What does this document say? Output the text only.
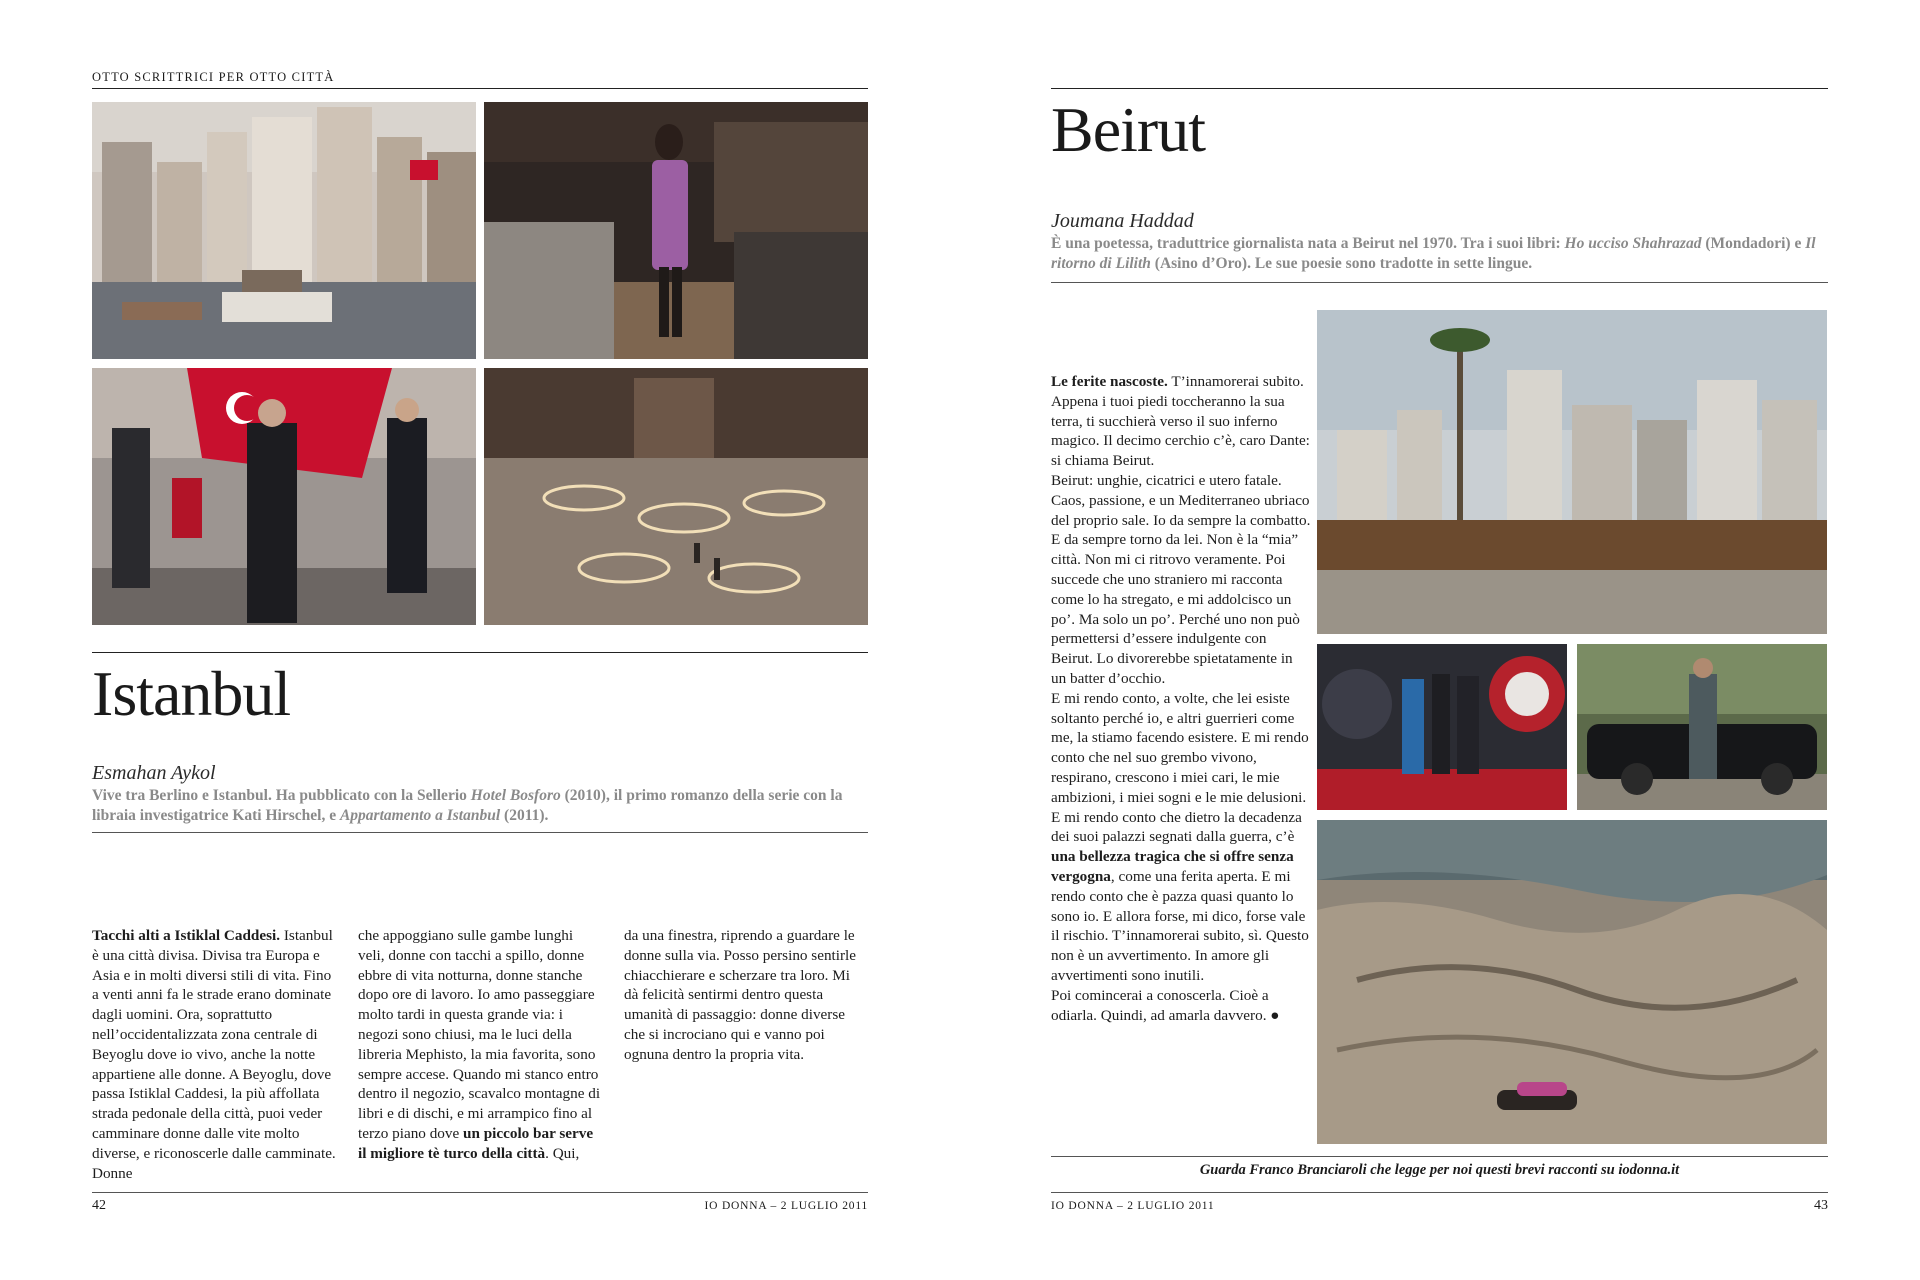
OTTO SCRITTRICI PER OTTO CITTÀ
Istanbul
Esmahan Aykol
Vive tra Berlino e Istanbul. Ha pubblicato con la Sellerio Hotel Bosforo (2010), il primo romanzo della serie con la libraia investigatrice Kati Hirschel, e Appartamento a Istanbul (2011).
Tacchi alti a Istiklal Caddesi. Istanbul è una città divisa. Divisa tra Europa e Asia e in molti diversi stili di vita. Fino a venti anni fa le strade erano dominate dagli uomini. Ora, soprattutto nell’occidentalizzata zona centrale di Beyoglu dove io vivo, anche la notte appartiene alle donne. A Beyoglu, dove passa Istiklal Caddesi, la più affollata strada pedonale della città, puoi veder camminare donne dalle vite molto diverse, e riconoscerle dalle camminate. Donne
che appoggiano sulle gambe lunghi veli, donne con tacchi a spillo, donne ebbre di vita notturna, donne stanche dopo ore di lavoro. Io amo passeggiare molto tardi in questa grande via: i negozi sono chiusi, ma le luci della libreria Mephisto, la mia favorita, sono sempre accese. Quando mi stanco entro dentro il negozio, scavalco montagne di libri e di dischi, e mi arrampico fino al terzo piano dove un piccolo bar serve il migliore tè turco della città. Qui,
da una finestra, riprendo a guardare le donne sulla via. Posso persino sentirle chiacchierare e scherzare tra loro. Mi dà felicità sentirmi dentro questa umanità di passaggio: donne diverse che si incrociano qui e vanno poi ognuna dentro la propria vita.
42	IO DONNA – 2 LUGLIO 2011
Beirut
Joumana Haddad
È una poetessa, traduttrice giornalista nata a Beirut nel 1970. Tra i suoi libri: Ho ucciso Shahrazad (Mondadori) e Il ritorno di Lilith (Asino d’Oro). Le sue poesie sono tradotte in sette lingue.
Le ferite nascoste. T’innamorerai subito. Appena i tuoi piedi toccheranno la sua terra, ti succhierà verso il suo inferno magico. Il decimo cerchio c’è, caro Dante: si chiama Beirut.
Beirut: unghie, cicatrici e utero fatale. Caos, passione, e un Mediterraneo ubriaco del proprio sale. Io da sempre la combatto. E da sempre torno da lei. Non è la “mia” città. Non mi ci ritrovo veramente. Poi succede che uno straniero mi racconta come lo ha stregato, e mi addolcisco un po’. Ma solo un po’. Perché uno non può permettersi d’essere indulgente con Beirut. Lo divorerebbe spietatamente in un batter d’occhio.
E mi rendo conto, a volte, che lei esiste soltanto perché io, e altri guerrieri come me, la stiamo facendo esistere. E mi rendo conto che nel suo grembo vivono, respirano, crescono i miei cari, le mie ambizioni, i miei sogni e le mie delusioni. E mi rendo conto che dietro la decadenza dei suoi palazzi segnati dalla guerra, c’è una bellezza tragica che si offre senza vergogna, come una ferita aperta. E mi rendo conto che è pazza quasi quanto lo sono io. E allora forse, mi dico, forse vale il rischio. T’innamorerai subito, sì. Questo non è un avvertimento. In amore gli avvertimenti sono inutili.
Poi comincerai a conoscerla. Cioè a odiarla. Quindi, ad amarla davvero. ●
Guarda Franco Branciaroli che legge per noi questi brevi racconti su iodonna.it
IO DONNA – 2 LUGLIO 2011	43
